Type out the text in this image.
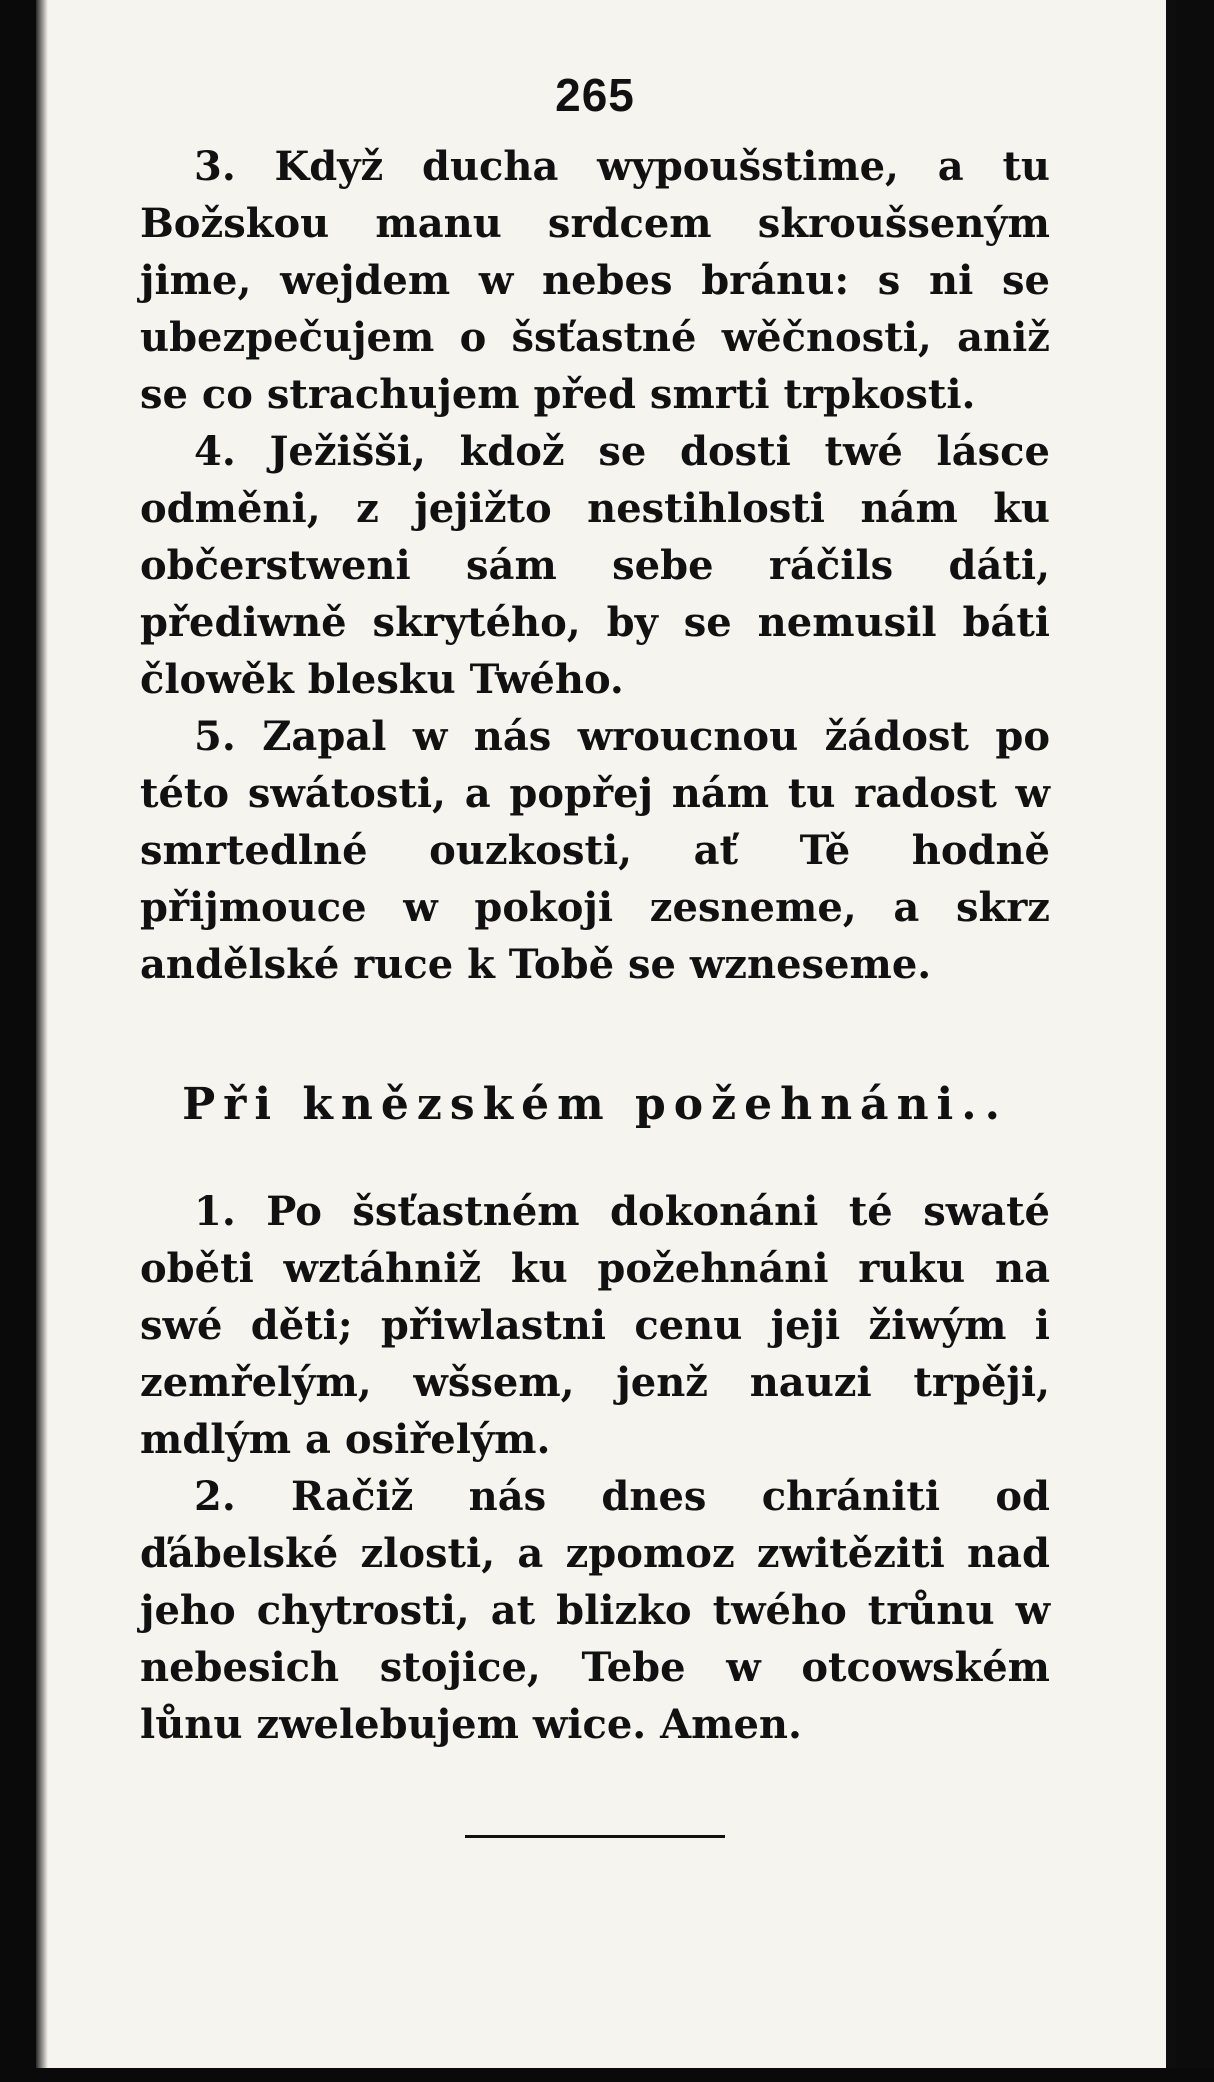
265

3. Když ducha wypoušstime, a tu Božskou manu srdcem skroušseným jime, wejdem w nebes bránu: s ni se ubezpečujem o šsťastné wěčnosti, aniž se co strachujem před smrti trpkosti.

4. Ježišši, kdož se dosti twé lásce odměni, z jejižto nestihlosti nám ku občerstweni sám sebe ráčils dáti, přediwně skrytého, by se nemusil báti člowěk blesku Twého.

5. Zapal w nás wroucnou žádost po této swátosti, a popřej nám tu radost w smrtedlné ouzkosti, ať Tě hodně přijmouce w pokoji zesneme, a skrz andělské ruce k Tobě se wzneseme.

Při knězském požehnáni..

1. Po šsťastném dokonáni té swaté oběti wztáhniž ku požehnáni ruku na swé děti; přiwlastni cenu jeji žiwým i zemřelým, wšsem, jenž nauzi trpěji, mdlým a osiřelým.

2. Račiž nás dnes chrániti od ďábelské zlosti, a zpomoz zwitěziti nad jeho chytrosti, at blizko twého trůnu w nebesich stojice, Tebe w otcowském lůnu zwelebujem wice. Amen.
